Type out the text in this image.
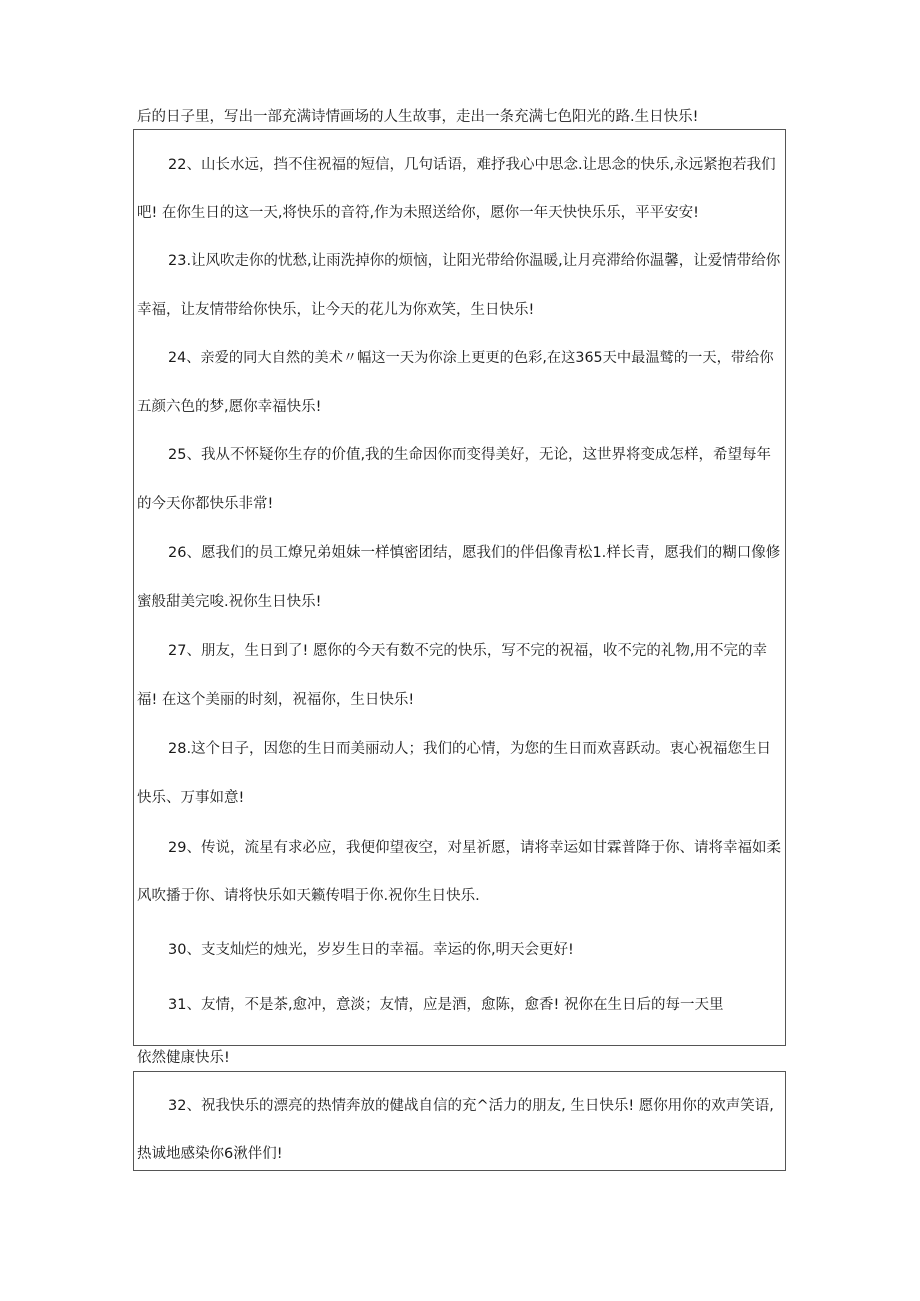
后的日子里，写出一部充满诗情画场的人生故事，走出一条充满七色阳光的路.生日快乐!
22、山长水远，挡不住祝福的短信，几句话语，难抒我心中思念.让思念的快乐,永远紧抱若我们
吧! 在你生日的这一天,将快乐的音符,作为未照送给你，愿你一年天快快乐乐，平平安安!
23.让风吹走你的忧愁,让雨洗掉你的烦恼，让阳光带给你温暖,让月亮滞给你温馨，让爱情带给你
幸福，让友情带给你快乐，让今天的花儿为你欢笑，生日快乐!
24、亲爱的同大自然的美术〃幅这一天为你涂上更更的色彩,在这365天中最温鹫的一天，带给你
五颜六色的梦,愿你幸福快乐!
25、我从不怀疑你生存的价值,我的生命因你而变得美好，无论，这世界将变成怎样，希望每年
的今天你都快乐非常!
26、愿我们的员工燎兄弟姐妹一样慎密团结，愿我们的伴侣像青松1.样长青，愿我们的糊口像修
蜜般甜美完唆.祝你生日快乐!
27、朋友，生日到了! 愿你的今天有数不完的快乐，写不完的祝福，收不完的礼物,用不完的幸
福! 在这个美丽的时刻，祝福你，生日快乐!
28.这个日子，因您的生日而美丽动人；我们的心情，为您的生日而欢喜跃动。衷心祝福您生日
快乐、万事如意!
29、传说，流星有求必应，我便仰望夜空，对星祈愿，请将幸运如甘霖普降于你、请将幸福如柔
风吹播于你、请将快乐如天籁传唱于你.祝你生日快乐.
30、支支灿烂的烛光，岁岁生日的幸福。幸运的你,明天会更好!
31、友情，不是茶,愈冲，意淡；友情，应是酒，愈陈，愈香! 祝你在生日后的每一天里
依然健康快乐!
32、祝我快乐的漂亮的热情奔放的健战自信的充^活力的朋友, 生日快乐! 愿你用你的欢声笑语,
热诚地感染你6湫伴们!
